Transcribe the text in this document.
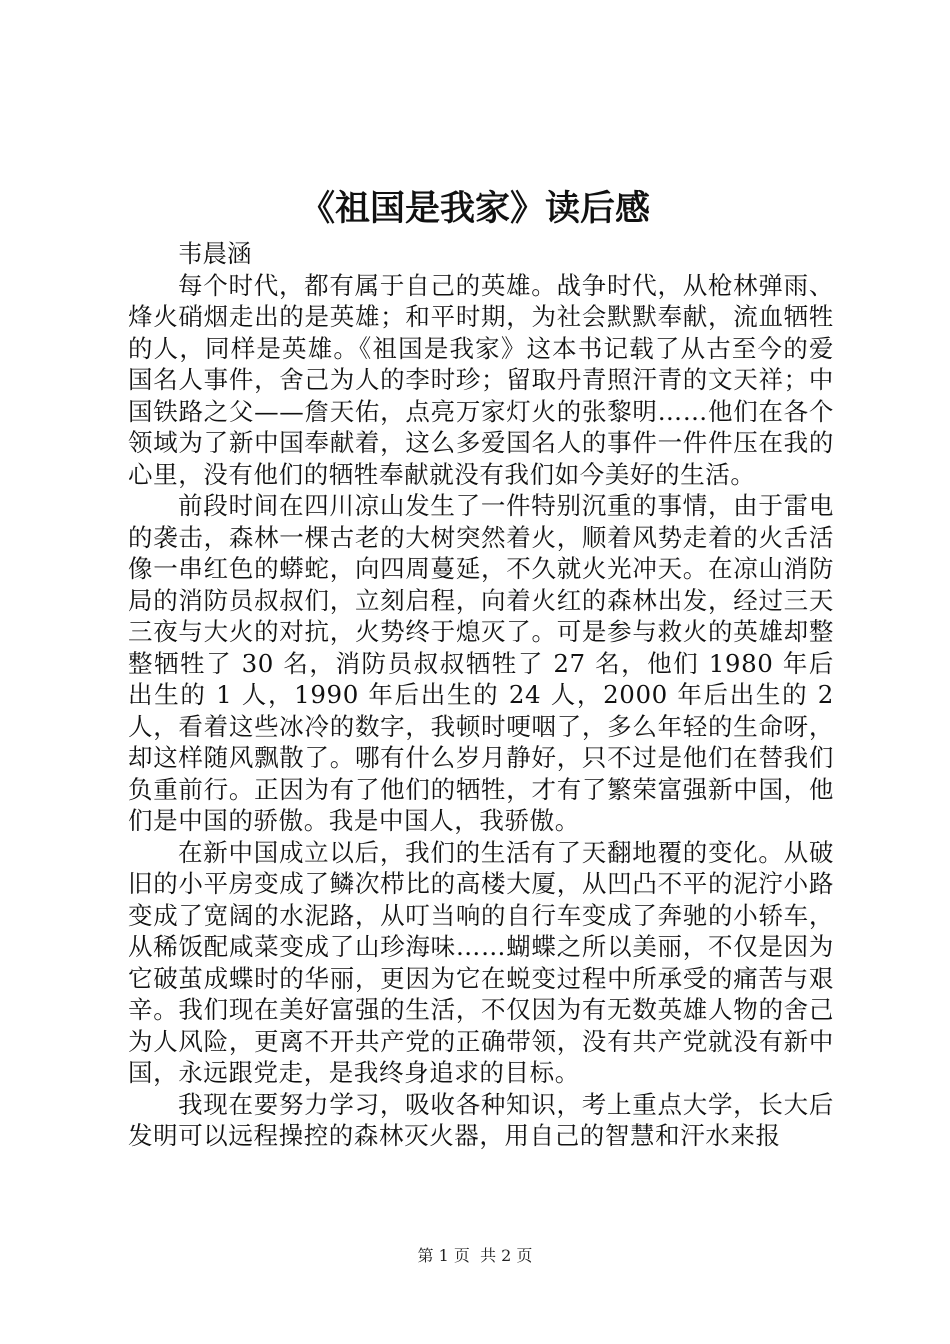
《祖国是我家》读后感

韦晨涵

每个时代，都有属于自己的英雄。战争时代，从枪林弹雨、烽火硝烟走出的是英雄；和平时期，为社会默默奉献，流血牺牲的人，同样是英雄。《祖国是我家》这本书记载了从古至今的爱国名人事件，舍己为人的李时珍；留取丹青照汗青的文天祥；中国铁路之父——詹天佑，点亮万家灯火的张黎明……他们在各个领域为了新中国奉献着，这么多爱国名人的事件一件件压在我的心里，没有他们的牺牲奉献就没有我们如今美好的生活。

前段时间在四川凉山发生了一件特别沉重的事情，由于雷电的袭击，森林一棵古老的大树突然着火，顺着风势走着的火舌活像一串红色的蟒蛇，向四周蔓延，不久就火光冲天。在凉山消防局的消防员叔叔们，立刻启程，向着火红的森林出发，经过三天三夜与大火的对抗，火势终于熄灭了。可是参与救火的英雄却整整牺牲了 30 名，消防员叔叔牺牲了 27 名，他们 1980 年后出生的 1 人，1990 年后出生的 24 人，2000 年后出生的 2 人，看着这些冰冷的数字，我顿时哽咽了，多么年轻的生命呀，却这样随风飘散了。哪有什么岁月静好，只不过是他们在替我们负重前行。正因为有了他们的牺牲，才有了繁荣富强新中国，他们是中国的骄傲。我是中国人，我骄傲。

在新中国成立以后，我们的生活有了天翻地覆的变化。从破旧的小平房变成了鳞次栉比的高楼大厦，从凹凸不平的泥泞小路变成了宽阔的水泥路，从叮当响的自行车变成了奔驰的小轿车，从稀饭配咸菜变成了山珍海味……蝴蝶之所以美丽，不仅是因为它破茧成蝶时的华丽，更因为它在蜕变过程中所承受的痛苦与艰辛。我们现在美好富强的生活，不仅因为有无数英雄人物的舍己为人风险，更离不开共产党的正确带领，没有共产党就没有新中国，永远跟党走，是我终身追求的目标。

我现在要努力学习，吸收各种知识，考上重点大学，长大后发明可以远程操控的森林灭火器，用自己的智慧和汗水来报

第 1 页  共 2 页
